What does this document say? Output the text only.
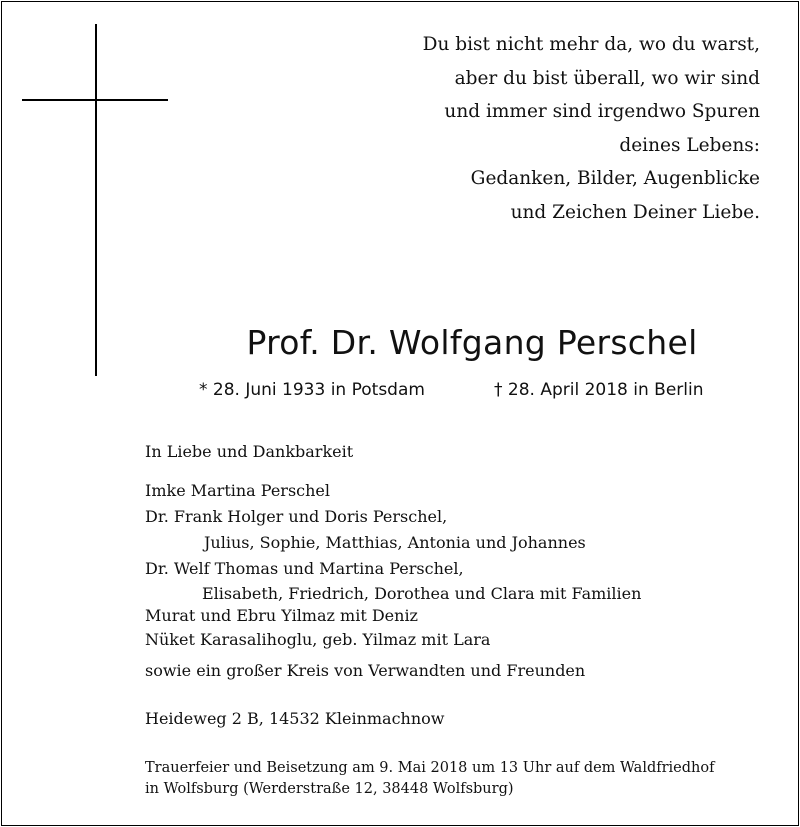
Du bist nicht mehr da, wo du warst,
aber du bist überall, wo wir sind
und immer sind irgendwo Spuren
deines Lebens:
Gedanken, Bilder, Augenblicke
und Zeichen Deiner Liebe.
Prof. Dr. Wolfgang Perschel
* 28. Juni 1933 in Potsdam	† 28. April 2018 in Berlin
In Liebe und Dankbarkeit
Imke Martina Perschel
Dr. Frank Holger und Doris Perschel,
Julius, Sophie, Matthias, Antonia und Johannes
Dr. Welf Thomas und Martina Perschel,
Elisabeth, Friedrich, Dorothea und Clara mit Familien
Murat und Ebru Yilmaz mit Deniz
Nüket Karasalihoglu, geb. Yilmaz mit Lara
sowie ein großer Kreis von Verwandten und Freunden
Heideweg 2 B, 14532 Kleinmachnow
Trauerfeier und Beisetzung am 9. Mai 2018 um 13 Uhr auf dem Waldfriedhof
in Wolfsburg (Werderstraße 12, 38448 Wolfsburg)
